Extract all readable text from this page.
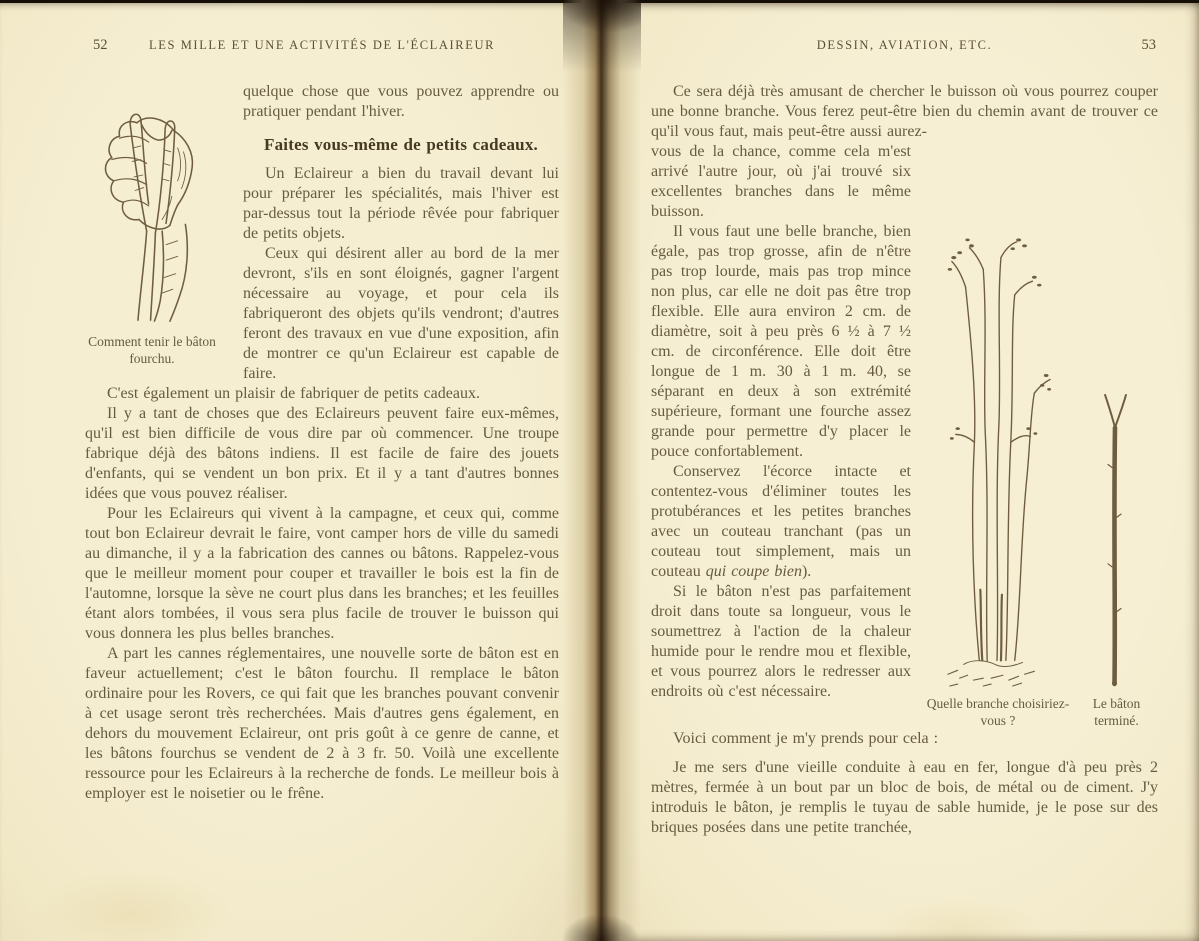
52	LES MILLE ET UNE ACTIVITÉS DE L'ÉCLAIREUR
Comment tenir le bâton fourchu.

quelque chose que vous pouvez apprendre ou pratiquer pendant l'hiver.

Faites vous-même de petits cadeaux.

Un Eclaireur a bien du travail devant lui pour préparer les spécialités, mais l'hiver est par-dessus tout la période rêvée pour fabriquer de petits objets.

Ceux qui désirent aller au bord de la mer devront, s'ils en sont éloignés, gagner l'argent nécessaire au voyage, et pour cela ils fabriqueront des objets qu'ils vendront; d'autres feront des travaux en vue d'une exposition, afin de montrer ce qu'un Eclaireur est capable de faire.

C'est également un plaisir de fabriquer de petits cadeaux.

Il y a tant de choses que des Eclaireurs peuvent faire eux-mêmes, qu'il est bien difficile de vous dire par où commencer. Une troupe fabrique déjà des bâtons indiens. Il est facile de faire des jouets d'enfants, qui se vendent un bon prix. Et il y a tant d'autres bonnes idées que vous pouvez réaliser.

Pour les Eclaireurs qui vivent à la campagne, et ceux qui, comme tout bon Eclaireur devrait le faire, vont camper hors de ville du samedi au dimanche, il y a la fabrication des cannes ou bâtons. Rappelez-vous que le meilleur moment pour couper et travailler le bois est la fin de l'automne, lorsque la sève ne court plus dans les branches; et les feuilles étant alors tombées, il vous sera plus facile de trouver le buisson qui vous donnera les plus belles branches.

A part les cannes réglementaires, une nouvelle sorte de bâton est en faveur actuellement; c'est le bâton fourchu. Il remplace le bâton ordinaire pour les Rovers, ce qui fait que les branches pouvant convenir à cet usage seront très recherchées. Mais d'autres gens également, en dehors du mouvement Eclaireur, ont pris goût à ce genre de canne, et les bâtons fourchus se vendent de 2 à 3 fr. 50. Voilà une excellente ressource pour les Eclaireurs à la recherche de fonds. Le meilleur bois à employer est le noisetier ou le frêne.

DESSIN, AVIATION, ETC.	53

Ce sera déjà très amusant de chercher le buisson où vous pourrez couper une bonne branche. Vous ferez peut-être bien du chemin avant de trouver ce qu'il vous faut, mais peut-être aussi aurez-

Quelle branche choisiriez-vous ?
Le bâton terminé.

vous de la chance, comme cela m'est arrivé l'autre jour, où j'ai trouvé six excellentes branches dans le même buisson.

Il vous faut une belle branche, bien égale, pas trop grosse, afin de n'être pas trop lourde, mais pas trop mince non plus, car elle ne doit pas être trop flexible. Elle aura environ 2 cm. de diamètre, soit à peu près 6 ½ à 7 ½ cm. de circonférence. Elle doit être longue de 1 m. 30 à 1 m. 40, se séparant en deux à son extrémité supérieure, formant une fourche assez grande pour permettre d'y placer le pouce confortablement.

Conservez l'écorce intacte et contentez-vous d'éliminer toutes les protubérances et les petites branches avec un couteau tranchant (pas un couteau tout simplement, mais un couteau qui coupe bien).

Si le bâton n'est pas parfaitement droit dans toute sa longueur, vous le soumettrez à l'action de la chaleur humide pour le rendre mou et flexible, et vous pourrez alors le redresser aux endroits où c'est nécessaire.

Voici comment je m'y prends pour cela :

Je me sers d'une vieille conduite à eau en fer, longue d'à peu près 2 mètres, fermée à un bout par un bloc de bois, de métal ou de ciment. J'y introduis le bâton, je remplis le tuyau de sable humide, je le pose sur des briques posées dans une petite tranchée,
